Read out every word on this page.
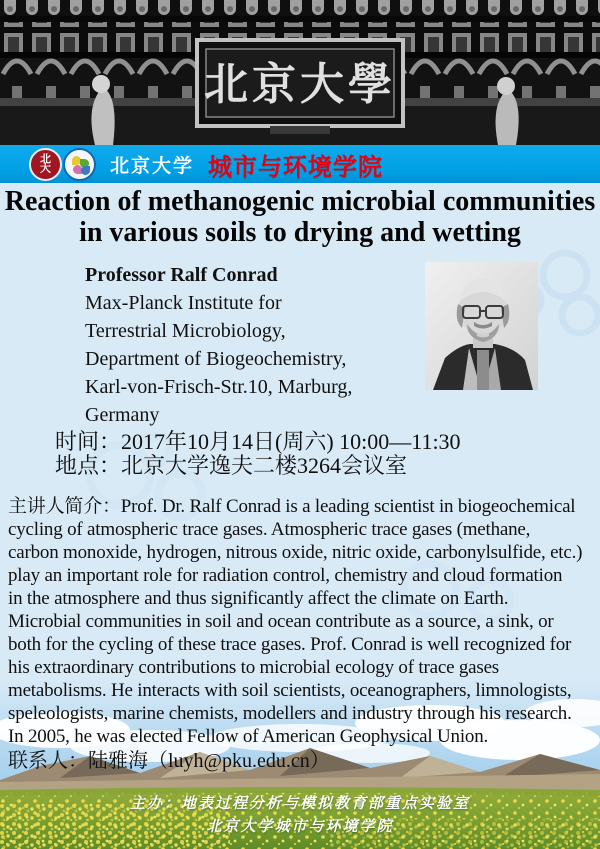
北京大學
北
大	北京大学 城市与环境学院
Reaction of methanogenic microbial communities
in various soils to drying and wetting
Professor Ralf Conrad
Max-Planck Institute for
Terrestrial Microbiology,
Department of Biogeochemistry,
Karl-von-Frisch-Str.10, Marburg,
Germany
时间：2017年10月14日(周六) 10:00—11:30
地点：北京大学逸夫二楼3264会议室
主讲人简介：Prof. Dr. Ralf Conrad is a leading scientist in biogeochemical
cycling of atmospheric trace gases. Atmospheric trace gases (methane,
carbon monoxide, hydrogen, nitrous oxide, nitric oxide, carbonylsulfide, etc.)
play an important role for radiation control, chemistry and cloud formation
in the atmosphere and thus significantly affect the climate on Earth.
Microbial communities in soil and ocean contribute as a source, a sink, or
both for the cycling of these trace gases. Prof. Conrad is well recognized for
his extraordinary contributions to microbial ecology of trace gases
metabolisms. He interacts with soil scientists, oceanographers, limnologists,
speleologists, marine chemists, modellers and industry through his research.
In 2005, he was elected Fellow of American Geophysical Union.
联系人：陆雅海（luyh@pku.edu.cn）
主办：地表过程分析与模拟教育部重点实验室
北京大学城市与环境学院
